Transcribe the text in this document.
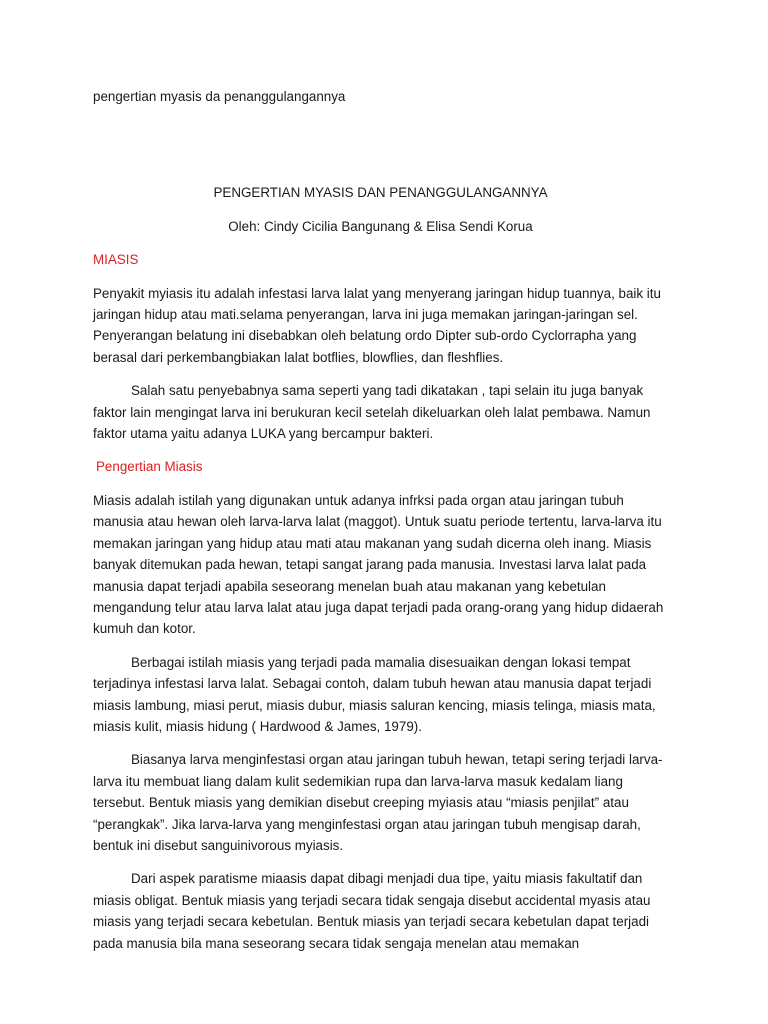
pengertian myasis da penanggulangannya
PENGERTIAN MYASIS DAN PENANGGULANGANNYA
Oleh: Cindy Cicilia Bangunang & Elisa Sendi Korua
MIASIS

Penyakit myiasis itu adalah infestasi larva lalat yang menyerang jaringan hidup tuannya, baik itu jaringan hidup atau mati.selama penyerangan, larva ini juga memakan jaringan-jaringan sel. Penyerangan belatung ini disebabkan oleh belatung ordo Dipter sub-ordo Cyclorrapha yang berasal dari perkembangbiakan lalat botflies, blowflies, dan fleshflies.

Salah satu penyebabnya sama seperti yang tadi dikatakan , tapi selain itu juga banyak faktor lain mengingat larva ini berukuran kecil setelah dikeluarkan oleh lalat pembawa. Namun faktor utama yaitu adanya LUKA yang bercampur bakteri.

Pengertian Miasis

Miasis adalah istilah yang digunakan untuk adanya infrksi pada organ atau jaringan tubuh manusia atau hewan oleh larva-larva lalat (maggot). Untuk suatu periode tertentu, larva-larva itu memakan jaringan yang hidup atau mati atau makanan yang sudah dicerna oleh inang. Miasis banyak ditemukan pada hewan, tetapi sangat jarang pada manusia. Investasi larva lalat pada manusia dapat terjadi apabila seseorang menelan buah atau makanan yang kebetulan mengandung telur atau larva lalat atau juga dapat terjadi pada orang-orang yang hidup didaerah kumuh dan kotor.

Berbagai istilah miasis yang terjadi pada mamalia disesuaikan dengan lokasi tempat terjadinya infestasi larva lalat. Sebagai contoh, dalam tubuh hewan atau manusia dapat terjadi miasis lambung, miasi perut, miasis dubur, miasis saluran kencing, miasis telinga, miasis mata, miasis kulit, miasis hidung ( Hardwood & James, 1979).

Biasanya larva menginfestasi organ atau jaringan tubuh hewan, tetapi sering terjadi larva-larva itu membuat liang dalam kulit sedemikian rupa dan larva-larva masuk kedalam liang tersebut. Bentuk miasis yang demikian disebut creeping myiasis atau “miasis penjilat” atau “perangkak”. Jika larva-larva yang menginfestasi organ atau jaringan tubuh mengisap darah, bentuk ini disebut sanguinivorous myiasis.

Dari aspek paratisme miaasis dapat dibagi menjadi dua tipe, yaitu miasis fakultatif dan miasis obligat. Bentuk miasis yang terjadi secara tidak sengaja disebut accidental myasis atau miasis yang terjadi secara kebetulan. Bentuk miasis yan terjadi secara kebetulan dapat terjadi pada manusia bila mana seseorang secara tidak sengaja menelan atau memakan
